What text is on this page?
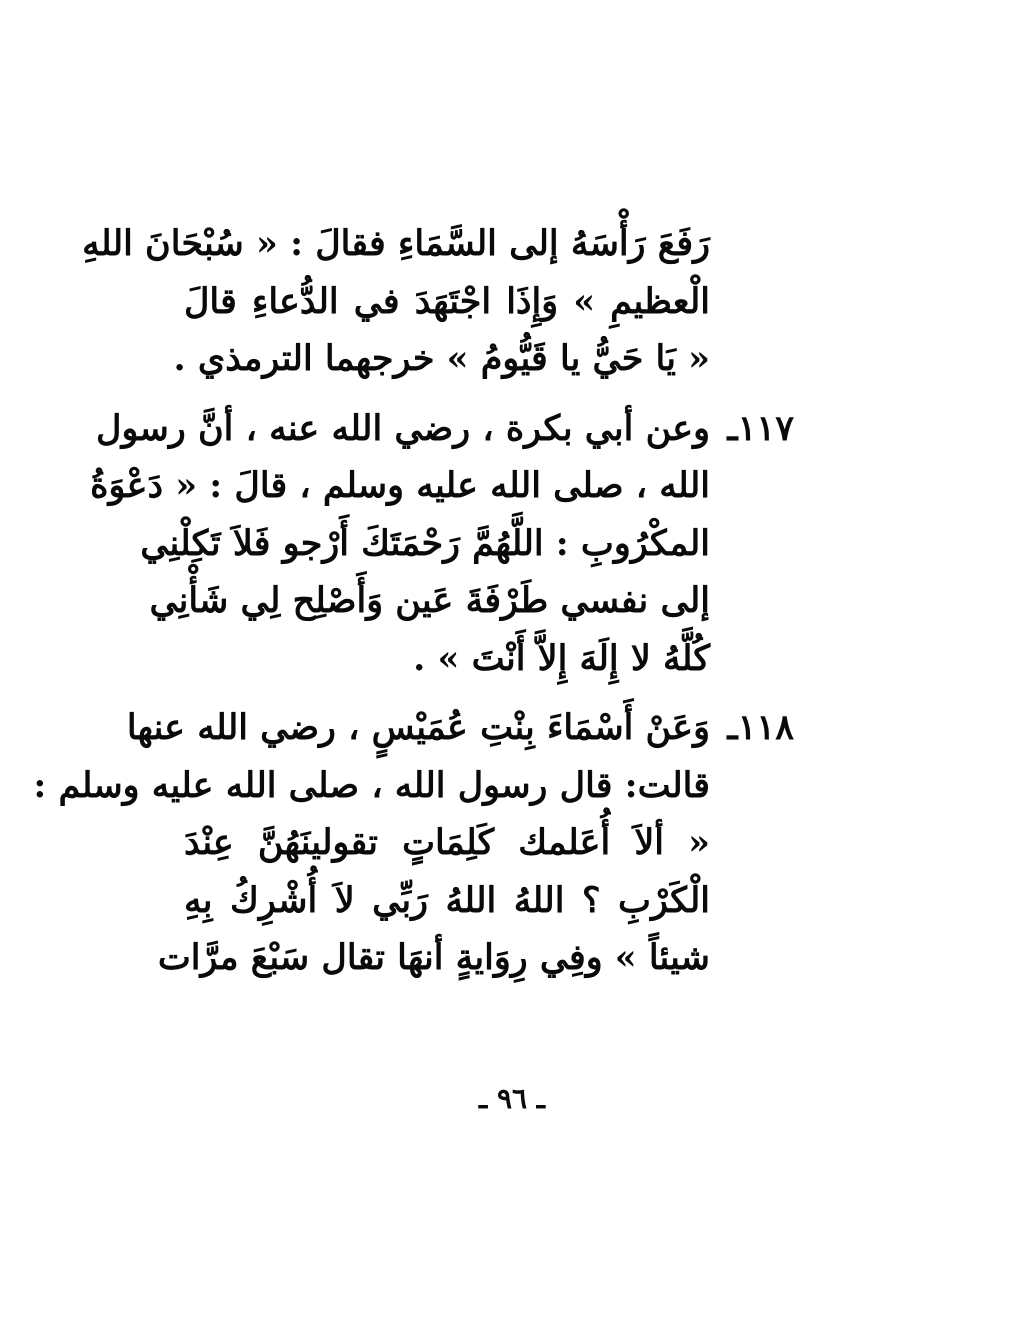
رَفَعَ رَأْسَهُ إلى السَّمَاءِ فقالَ : « سُبْحَانَ اللهِ
الْعظيمِ » وَإِذَا اجْتَهَدَ في الدُّعاءِ قالَ
« يَا حَيُّ يا قَيُّومُ » خرجهما الترمذي .
١١٧ـ
وعن أبي بكرة ، رضي الله عنه ، أنَّ رسول
الله ، صلى الله عليه وسلم ، قالَ : « دَعْوَةُ
المكْرُوبِ : اللَّهُمَّ رَحْمَتَكَ أَرْجو فَلاَ تَكِلْنِي
إلى نفسي طَرْفَةَ عَين وَأَصْلِح لِي شَأْنِي
كُلَّهُ لا إِلَهَ إِلاَّ أَنْتَ » .
١١٨ـ
وَعَنْ أَسْمَاءَ بِنْتِ عُمَيْسٍ ، رضي الله عنها
قالت: قال رسول الله ، صلى الله عليه وسلم :
« ألاَ أُعَلمك كَلِمَاتٍ تقولينَهُنَّ عِنْدَ
الْكَرْبِ ؟ اللهُ اللهُ رَبِّي لاَ أُشْرِكُ بِهِ
شيئاً » وفِي رِوَايةٍ أنهَا تقال سَبْعَ مرَّات
ـ ٩٦ ـ
